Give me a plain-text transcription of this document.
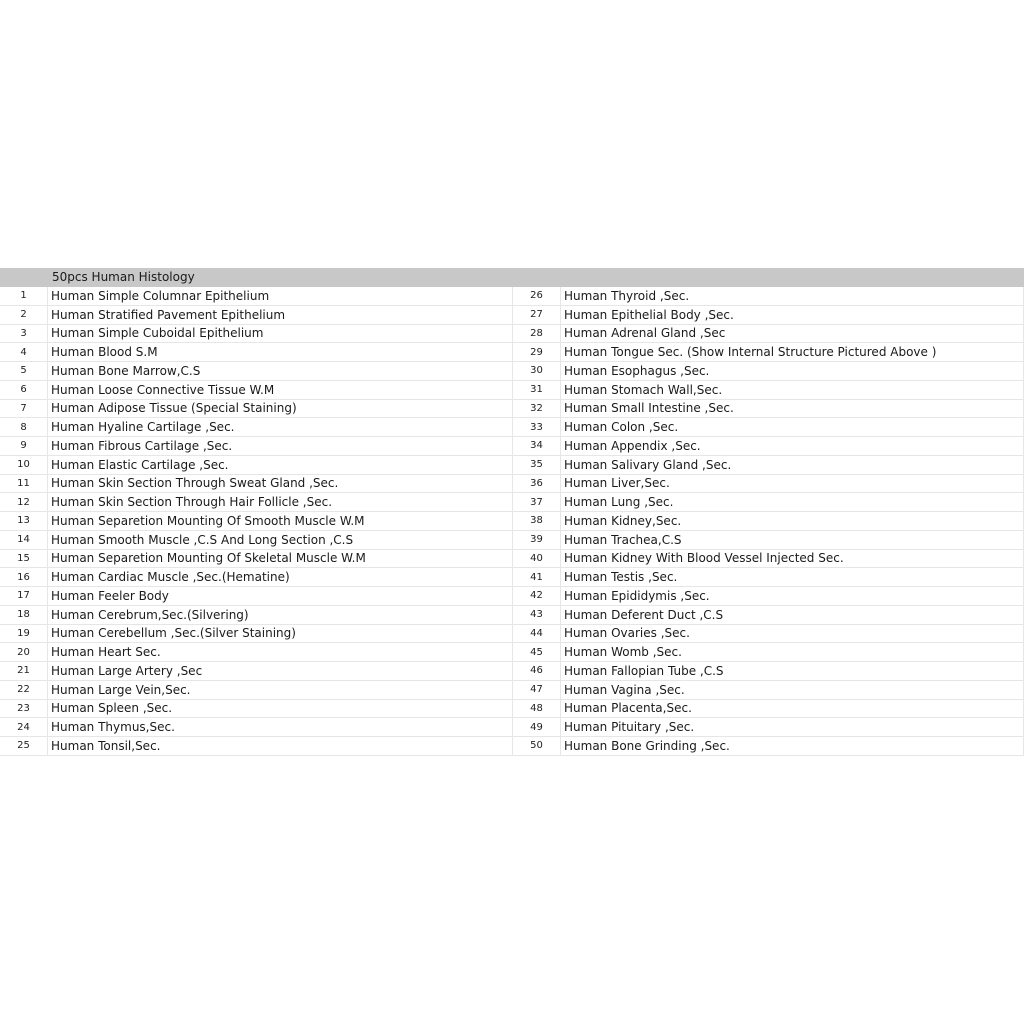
50pcs Human Histology
1	Human Simple Columnar Epithelium	26	Human Thyroid ,Sec.
2	Human Stratified Pavement Epithelium	27	Human Epithelial Body ,Sec.
3	Human Simple Cuboidal Epithelium	28	Human Adrenal Gland ,Sec
4	Human Blood S.M	29	Human Tongue Sec. (Show Internal Structure Pictured Above )
5	Human Bone Marrow,C.S	30	Human Esophagus ,Sec.
6	Human Loose Connective Tissue W.M	31	Human Stomach Wall,Sec.
7	Human Adipose Tissue (Special Staining)	32	Human Small Intestine ,Sec.
8	Human Hyaline Cartilage ,Sec.	33	Human Colon ,Sec.
9	Human Fibrous Cartilage ,Sec.	34	Human Appendix ,Sec.
10	Human Elastic Cartilage ,Sec.	35	Human Salivary Gland ,Sec.
11	Human Skin Section Through Sweat Gland ,Sec.	36	Human Liver,Sec.
12	Human Skin Section Through Hair Follicle ,Sec.	37	Human Lung ,Sec.
13	Human Separetion Mounting Of Smooth Muscle W.M	38	Human Kidney,Sec.
14	Human Smooth Muscle ,C.S And Long Section ,C.S	39	Human Trachea,C.S
15	Human Separetion Mounting Of Skeletal Muscle W.M	40	Human Kidney With Blood Vessel Injected Sec.
16	Human Cardiac Muscle ,Sec.(Hematine)	41	Human Testis ,Sec.
17	Human Feeler Body	42	Human Epididymis ,Sec.
18	Human Cerebrum,Sec.(Silvering)	43	Human Deferent Duct ,C.S
19	Human Cerebellum ,Sec.(Silver Staining)	44	Human Ovaries ,Sec.
20	Human Heart Sec.	45	Human Womb ,Sec.
21	Human Large Artery ,Sec	46	Human Fallopian Tube ,C.S
22	Human Large Vein,Sec.	47	Human Vagina ,Sec.
23	Human Spleen ,Sec.	48	Human Placenta,Sec.
24	Human Thymus,Sec.	49	Human Pituitary ,Sec.
25	Human Tonsil,Sec.	50	Human Bone Grinding ,Sec.
